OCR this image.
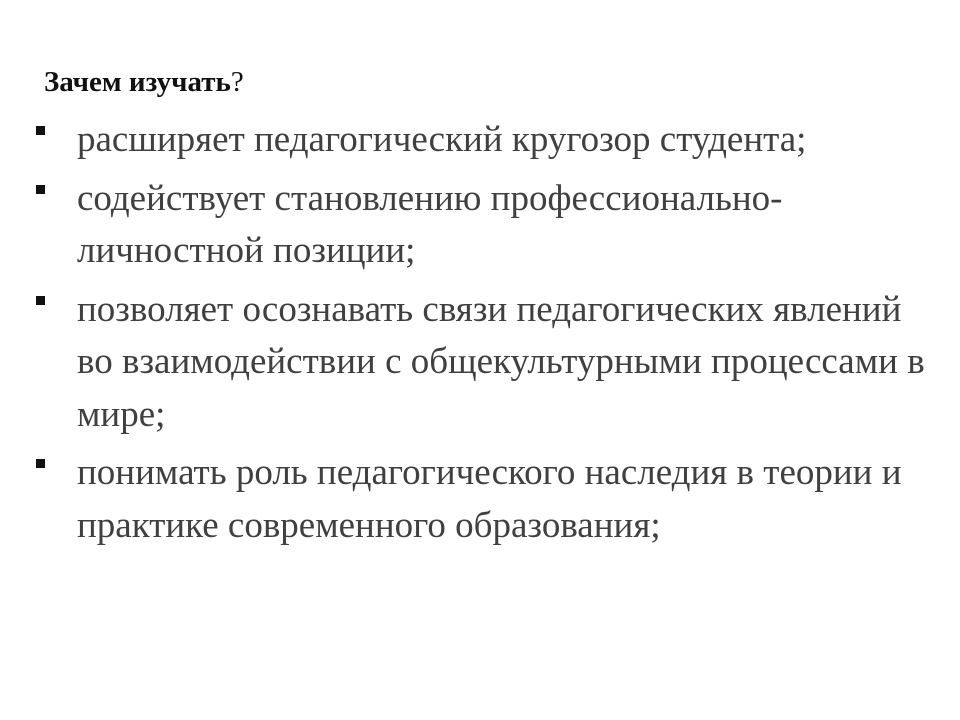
Зачем изучать?
расширяет педагогический кругозор студента;
содействует становлению профессионально-личностной позиции;
позволяет осознавать связи педагогических явлений во взаимодействии с общекультурными процессами в мире;
понимать роль педагогического наследия в теории и практике современного образования;
